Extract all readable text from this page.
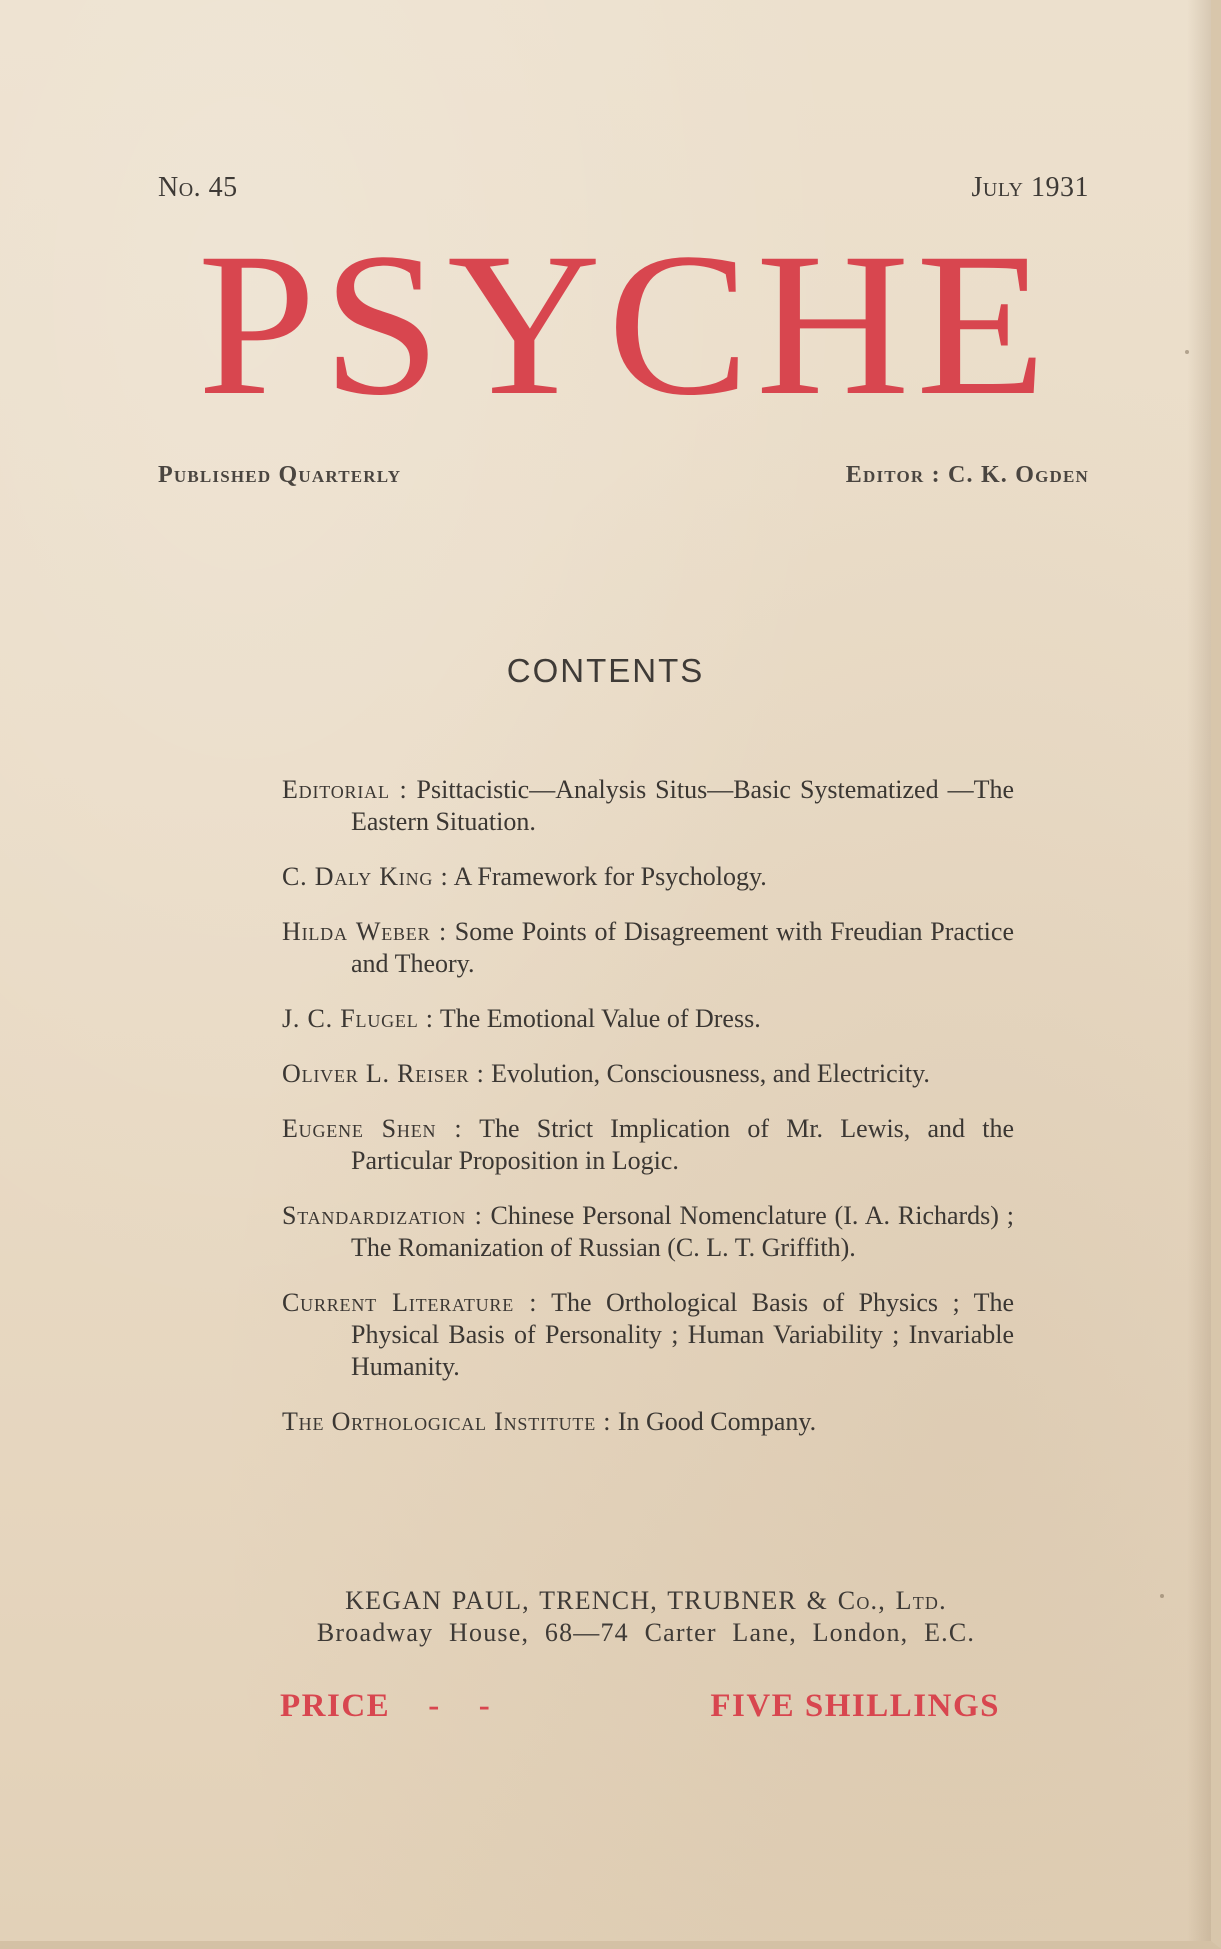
No. 45	July 1931
PSYCHE
Published Quarterly	Editor : C. K. Ogden
CONTENTS
Editorial : Psittacistic—Analysis Situs—Basic Systematized —The Eastern Situation.
C. Daly King : A Framework for Psychology.
Hilda Weber : Some Points of Disagreement with Freudian Practice and Theory.
J. C. Flugel : The Emotional Value of Dress.
Oliver L. Reiser : Evolution, Consciousness, and Electricity.
Eugene Shen : The Strict Implication of Mr. Lewis, and the Particular Proposition in Logic.
Standardization : Chinese Personal Nomenclature (I. A. Richards) ; The Romanization of Russian (C. L. T. Griffith).
Current Literature : The Orthological Basis of Physics ; The Physical Basis of Personality ; Human Variability ; Invariable Humanity.
The Orthological Institute : In Good Company.
KEGAN PAUL, TRENCH, TRUBNER & Co., Ltd.
Broadway House, 68—74 Carter Lane, London, E.C.
PRICE - -	FIVE SHILLINGS
